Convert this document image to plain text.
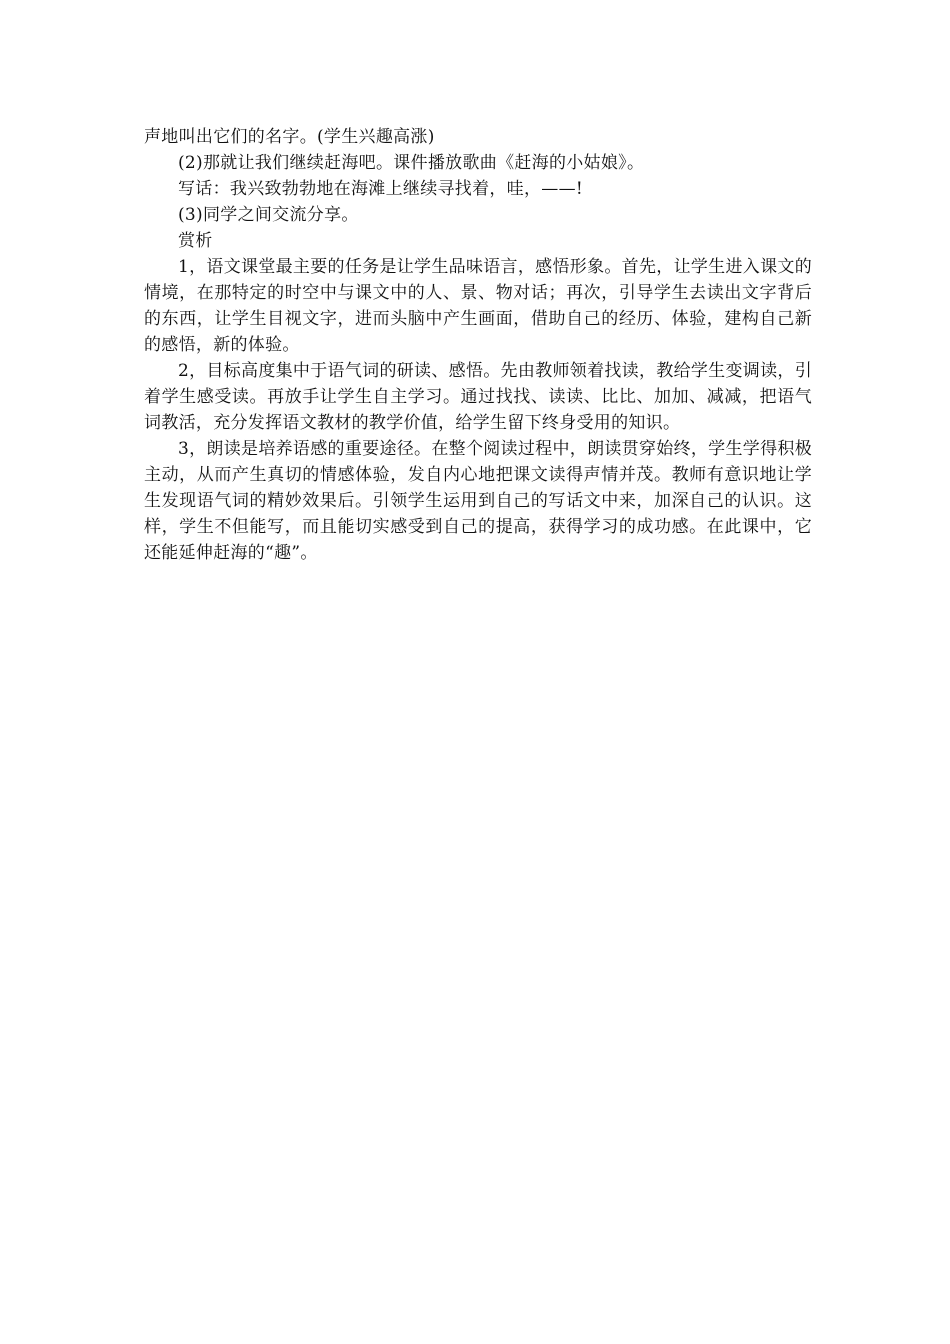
声地叫出它们的名字。(学生兴趣高涨)

(2)那就让我们继续赶海吧。课件播放歌曲《赶海的小姑娘》。

写话：我兴致勃勃地在海滩上继续寻找着，哇，——!

(3)同学之间交流分享。

赏析

1，语文课堂最主要的任务是让学生品味语言，感悟形象。首先，让学生进入课文的情境，在那特定的时空中与课文中的人、景、物对话；再次，引导学生去读出文字背后的东西，让学生目视文字，进而头脑中产生画面，借助自己的经历、体验，建构自己新的感悟，新的体验。

2，目标高度集中于语气词的研读、感悟。先由教师领着找读，教给学生变调读，引着学生感受读。再放手让学生自主学习。通过找找、读读、比比、加加、减减，把语气词教活，充分发挥语文教材的教学价值，给学生留下终身受用的知识。

3，朗读是培养语感的重要途径。在整个阅读过程中，朗读贯穿始终，学生学得积极主动，从而产生真切的情感体验，发自内心地把课文读得声情并茂。教师有意识地让学生发现语气词的精妙效果后。引领学生运用到自己的写话文中来，加深自己的认识。这样，学生不但能写，而且能切实感受到自己的提高，获得学习的成功感。在此课中，它还能延伸赶海的“趣”。
